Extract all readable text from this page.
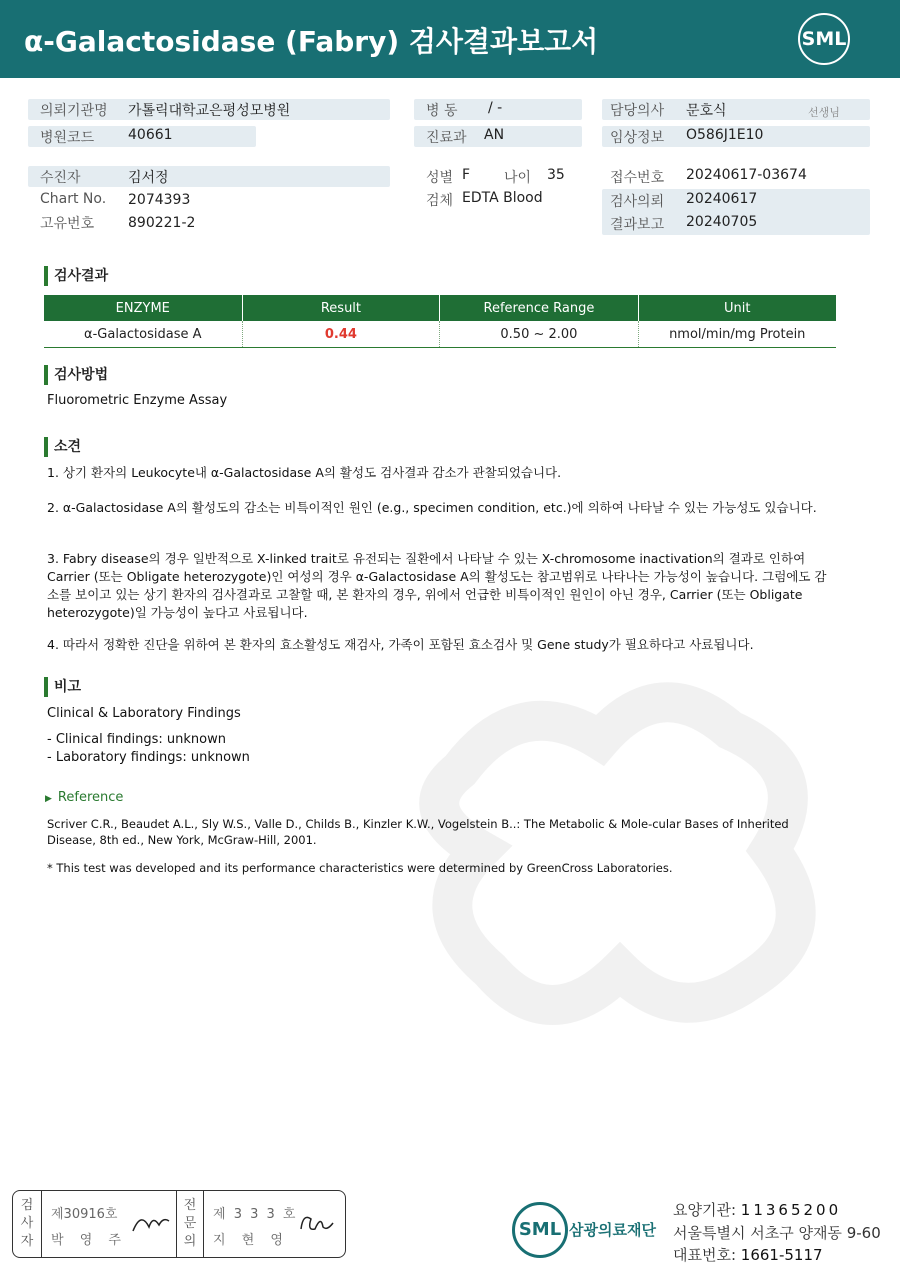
α-Galactosidase (Fabry) 검사결과보고서	SML
의뢰기관명 가톨릭대학교은평성모병원
병원코드 40661
병 동 / -
진료과 AN
담당의사 문호식	선생님
임상정보 O586J1E10
수진자	김서정
Chart No. 2074393
고유번호 890221-2
성별 F 나이 35
검체 EDTA Blood
접수번호 20240617-03674
검사의뢰 20240617
결과보고 20240705
검사결과
ENZYME	Result	Reference Range	Unit
α-Galactosidase A	0.44	0.50 ~ 2.00	nmol/min/mg Protein
검사방법
Fluorometric Enzyme Assay
소견
1. 상기 환자의 Leukocyte내 α-Galactosidase A의 활성도 검사결과 감소가 관찰되었습니다.
2. α-Galactosidase A의 활성도의 감소는 비특이적인 원인 (e.g., specimen condition, etc.)에 의하여 나타날 수 있는 가능성도 있습니다.
3. Fabry disease의 경우 일반적으로 X-linked trait로 유전되는 질환에서 나타날 수 있는 X-chromosome inactivation의 결과로 인하여 Carrier (또는 Obligate heterozygote)인 여성의 경우 α-Galactosidase A의 활성도는 참고범위로 나타나는 가능성이 높습니다. 그럼에도 감소를 보이고 있는 상기 환자의 검사결과로 고찰할 때, 본 환자의 경우, 위에서 언급한 비특이적인 원인이 아닌 경우, Carrier (또는 Obligate heterozygote)일 가능성이 높다고 사료됩니다.
4. 따라서 정확한 진단을 위하여 본 환자의 효소활성도 재검사, 가족이 포함된 효소검사 및 Gene study가 필요하다고 사료됩니다.
비고
Clinical & Laboratory Findings
- Clinical findings: unknown
- Laboratory findings: unknown
▶ Reference
Scriver C.R., Beaudet A.L., Sly W.S., Valle D., Childs B., Kinzler K.W., Vogelstein B..: The Metabolic & Mole-cular Bases of Inherited Disease, 8th ed., New York, McGraw-Hill, 2001.
* This test was developed and its performance characteristics were determined by GreenCross Laboratories.
검
사
자
제30916호
박 영 주
전
문
의
제 3 3 3 호
지 현 영
SML 삼광의료재단
요양기관: 11365200
서울특별시 서초구 양재동 9-60
대표번호: 1661-5117
